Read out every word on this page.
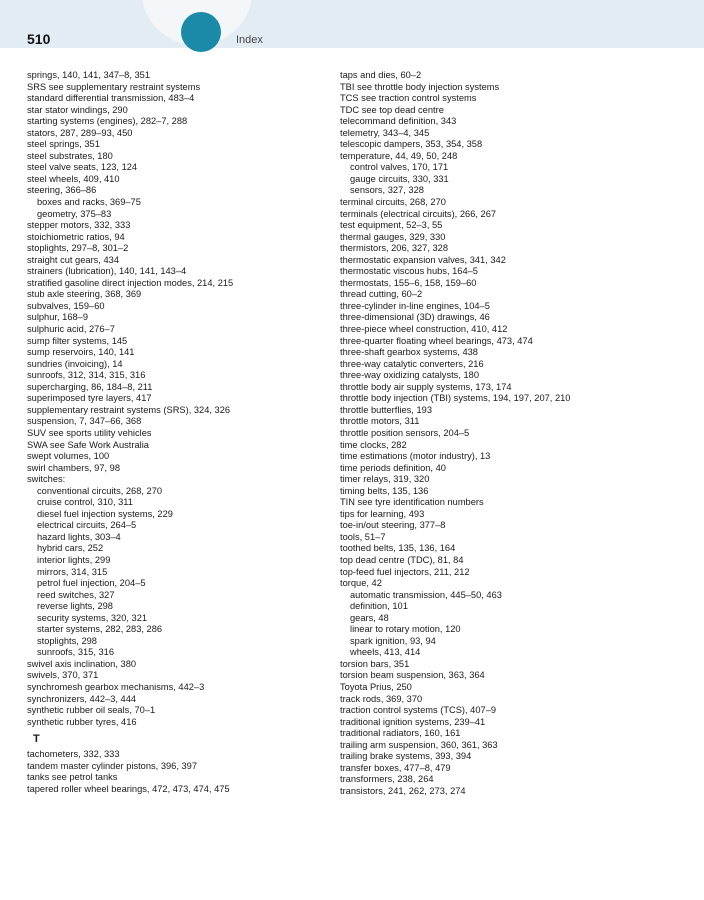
510	Index
springs, 140, 141, 347–8, 351
SRS see supplementary restraint systems
standard differential transmission, 483–4
star stator windings, 290
starting systems (engines), 282–7, 288
stators, 287, 289–93, 450
steel springs, 351
steel substrates, 180
steel valve seats, 123, 124
steel wheels, 409, 410
steering, 366–86
boxes and racks, 369–75
geometry, 375–83
stepper motors, 332, 333
stoichiometric ratios, 94
stoplights, 297–8, 301–2
straight cut gears, 434
strainers (lubrication), 140, 141, 143–4
stratified gasoline direct injection modes, 214, 215
stub axle steering, 368, 369
subvalves, 159–60
sulphur, 168–9
sulphuric acid, 276–7
sump filter systems, 145
sump reservoirs, 140, 141
sundries (invoicing), 14
sunroofs, 312, 314, 315, 316
supercharging, 86, 184–8, 211
superimposed tyre layers, 417
supplementary restraint systems (SRS), 324, 326
suspension, 7, 347–66, 368
SUV see sports utility vehicles
SWA see Safe Work Australia
swept volumes, 100
swirl chambers, 97, 98
switches:
conventional circuits, 268, 270
cruise control, 310, 311
diesel fuel injection systems, 229
electrical circuits, 264–5
hazard lights, 303–4
hybrid cars, 252
interior lights, 299
mirrors, 314, 315
petrol fuel injection, 204–5
reed switches, 327
reverse lights, 298
security systems, 320, 321
starter systems, 282, 283, 286
stoplights, 298
sunroofs, 315, 316
swivel axis inclination, 380
swivels, 370, 371
synchromesh gearbox mechanisms, 442–3
synchronizers, 442–3, 444
synthetic rubber oil seals, 70–1
synthetic rubber tyres, 416
T
tachometers, 332, 333
tandem master cylinder pistons, 396, 397
tanks see petrol tanks
tapered roller wheel bearings, 472, 473, 474, 475
taps and dies, 60–2
TBI see throttle body injection systems
TCS see traction control systems
TDC see top dead centre
telecommand definition, 343
telemetry, 343–4, 345
telescopic dampers, 353, 354, 358
temperature, 44, 49, 50, 248
control valves, 170, 171
gauge circuits, 330, 331
sensors, 327, 328
terminal circuits, 268, 270
terminals (electrical circuits), 266, 267
test equipment, 52–3, 55
thermal gauges, 329, 330
thermistors, 206, 327, 328
thermostatic expansion valves, 341, 342
thermostatic viscous hubs, 164–5
thermostats, 155–6, 158, 159–60
thread cutting, 60–2
three-cylinder in-line engines, 104–5
three-dimensional (3D) drawings, 46
three-piece wheel construction, 410, 412
three-quarter floating wheel bearings, 473, 474
three-shaft gearbox systems, 438
three-way catalytic converters, 216
three-way oxidizing catalysts, 180
throttle body air supply systems, 173, 174
throttle body injection (TBI) systems, 194, 197, 207, 210
throttle butterflies, 193
throttle motors, 311
throttle position sensors, 204–5
time clocks, 282
time estimations (motor industry), 13
time periods definition, 40
timer relays, 319, 320
timing belts, 135, 136
TIN see tyre identification numbers
tips for learning, 493
toe-in/out steering, 377–8
tools, 51–7
toothed belts, 135, 136, 164
top dead centre (TDC), 81, 84
top-feed fuel injectors, 211, 212
torque, 42
automatic transmission, 445–50, 463
definition, 101
gears, 48
linear to rotary motion, 120
spark ignition, 93, 94
wheels, 413, 414
torsion bars, 351
torsion beam suspension, 363, 364
Toyota Prius, 250
track rods, 369, 370
traction control systems (TCS), 407–9
traditional ignition systems, 239–41
traditional radiators, 160, 161
trailing arm suspension, 360, 361, 363
trailing brake systems, 393, 394
transfer boxes, 477–8, 479
transformers, 238, 264
transistors, 241, 262, 273, 274
